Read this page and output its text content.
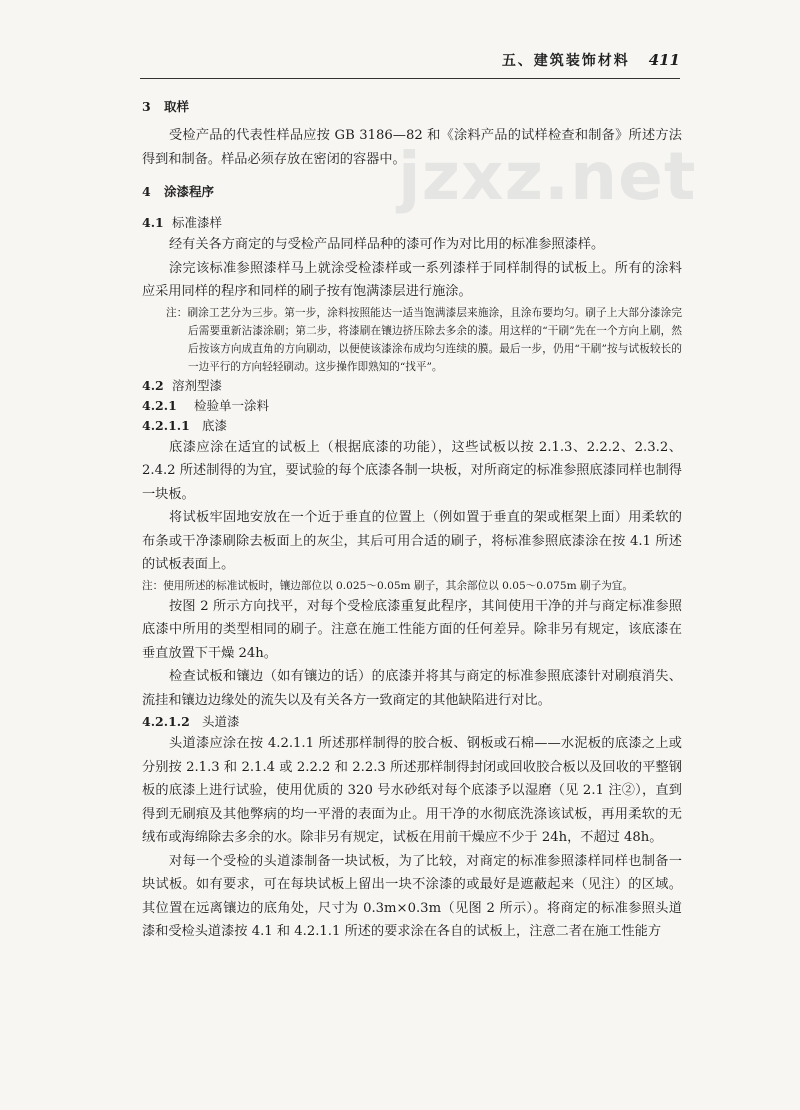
五、建筑装饰材料 411
jzxz.net
3 取样

受检产品的代表性样品应按 GB 3186—82 和《涂料产品的试样检查和制备》所述方法得到和制备。样品必须存放在密闭的容器中。

4 涂漆程序
4.1 标准漆样

经有关各方商定的与受检产品同样品种的漆可作为对比用的标准参照漆样。

涂完该标准参照漆样马上就涂受检漆样或一系列漆样于同样制得的试板上。所有的涂料应采用同样的程序和同样的刷子按有饱满漆层进行施涂。

注：刷涂工艺分为三步。第一步，涂料按照能达一适当饱满漆层来施涂，且涂布要均匀。刷子上大部分漆涂完后需要重新沾漆涂刷；第二步，将漆刷在镶边挤压除去多余的漆。用这样的“干刷”先在一个方向上刷，然后按该方向成直角的方向刷动，以便使该漆涂布成均匀连续的膜。最后一步，仍用“干刷”按与试板较长的一边平行的方向轻轻刷动。这步操作即熟知的“找平”。

4.2 溶剂型漆
4.2.1 检验单一涂料
4.2.1.1 底漆

底漆应涂在适宜的试板上（根据底漆的功能），这些试板以按 2.1.3、2.2.2、2.3.2、2.4.2 所述制得的为宜，要试验的每个底漆各制一块板，对所商定的标准参照底漆同样也制得一块板。

将试板牢固地安放在一个近于垂直的位置上（例如置于垂直的架或框架上面）用柔软的布条或干净漆刷除去板面上的灰尘，其后可用合适的刷子，将标准参照底漆涂在按 4.1 所述的试板表面上。

注：使用所述的标准试板时，镶边部位以 0.025～0.05m 刷子，其余部位以 0.05～0.075m 刷子为宜。

按图 2 所示方向找平，对每个受检底漆重复此程序，其间使用干净的并与商定标准参照底漆中所用的类型相同的刷子。注意在施工性能方面的任何差异。除非另有规定，该底漆在垂直放置下干燥 24h。

检查试板和镶边（如有镶边的话）的底漆并将其与商定的标准参照底漆针对刷痕消失、流挂和镶边边缘处的流失以及有关各方一致商定的其他缺陷进行对比。

4.2.1.2 头道漆

头道漆应涂在按 4.2.1.1 所述那样制得的胶合板、钢板或石棉——水泥板的底漆之上或分别按 2.1.3 和 2.1.4 或 2.2.2 和 2.2.3 所述那样制得封闭或回收胶合板以及回收的平整钢板的底漆上进行试验，使用优质的 320 号水砂纸对每个底漆予以湿磨（见 2.1 注②），直到得到无刷痕及其他弊病的均一平滑的表面为止。用干净的水彻底洗涤该试板，再用柔软的无绒布或海绵除去多余的水。除非另有规定，试板在用前干燥应不少于 24h，不超过 48h。

对每一个受检的头道漆制备一块试板，为了比较，对商定的标准参照漆样同样也制备一块试板。如有要求，可在每块试板上留出一块不涂漆的或最好是遮蔽起来（见注）的区域。其位置在远离镶边的底角处，尺寸为 0.3m×0.3m（见图 2 所示）。将商定的标准参照头道漆和受检头道漆按 4.1 和 4.2.1.1 所述的要求涂在各自的试板上，注意二者在施工性能方
